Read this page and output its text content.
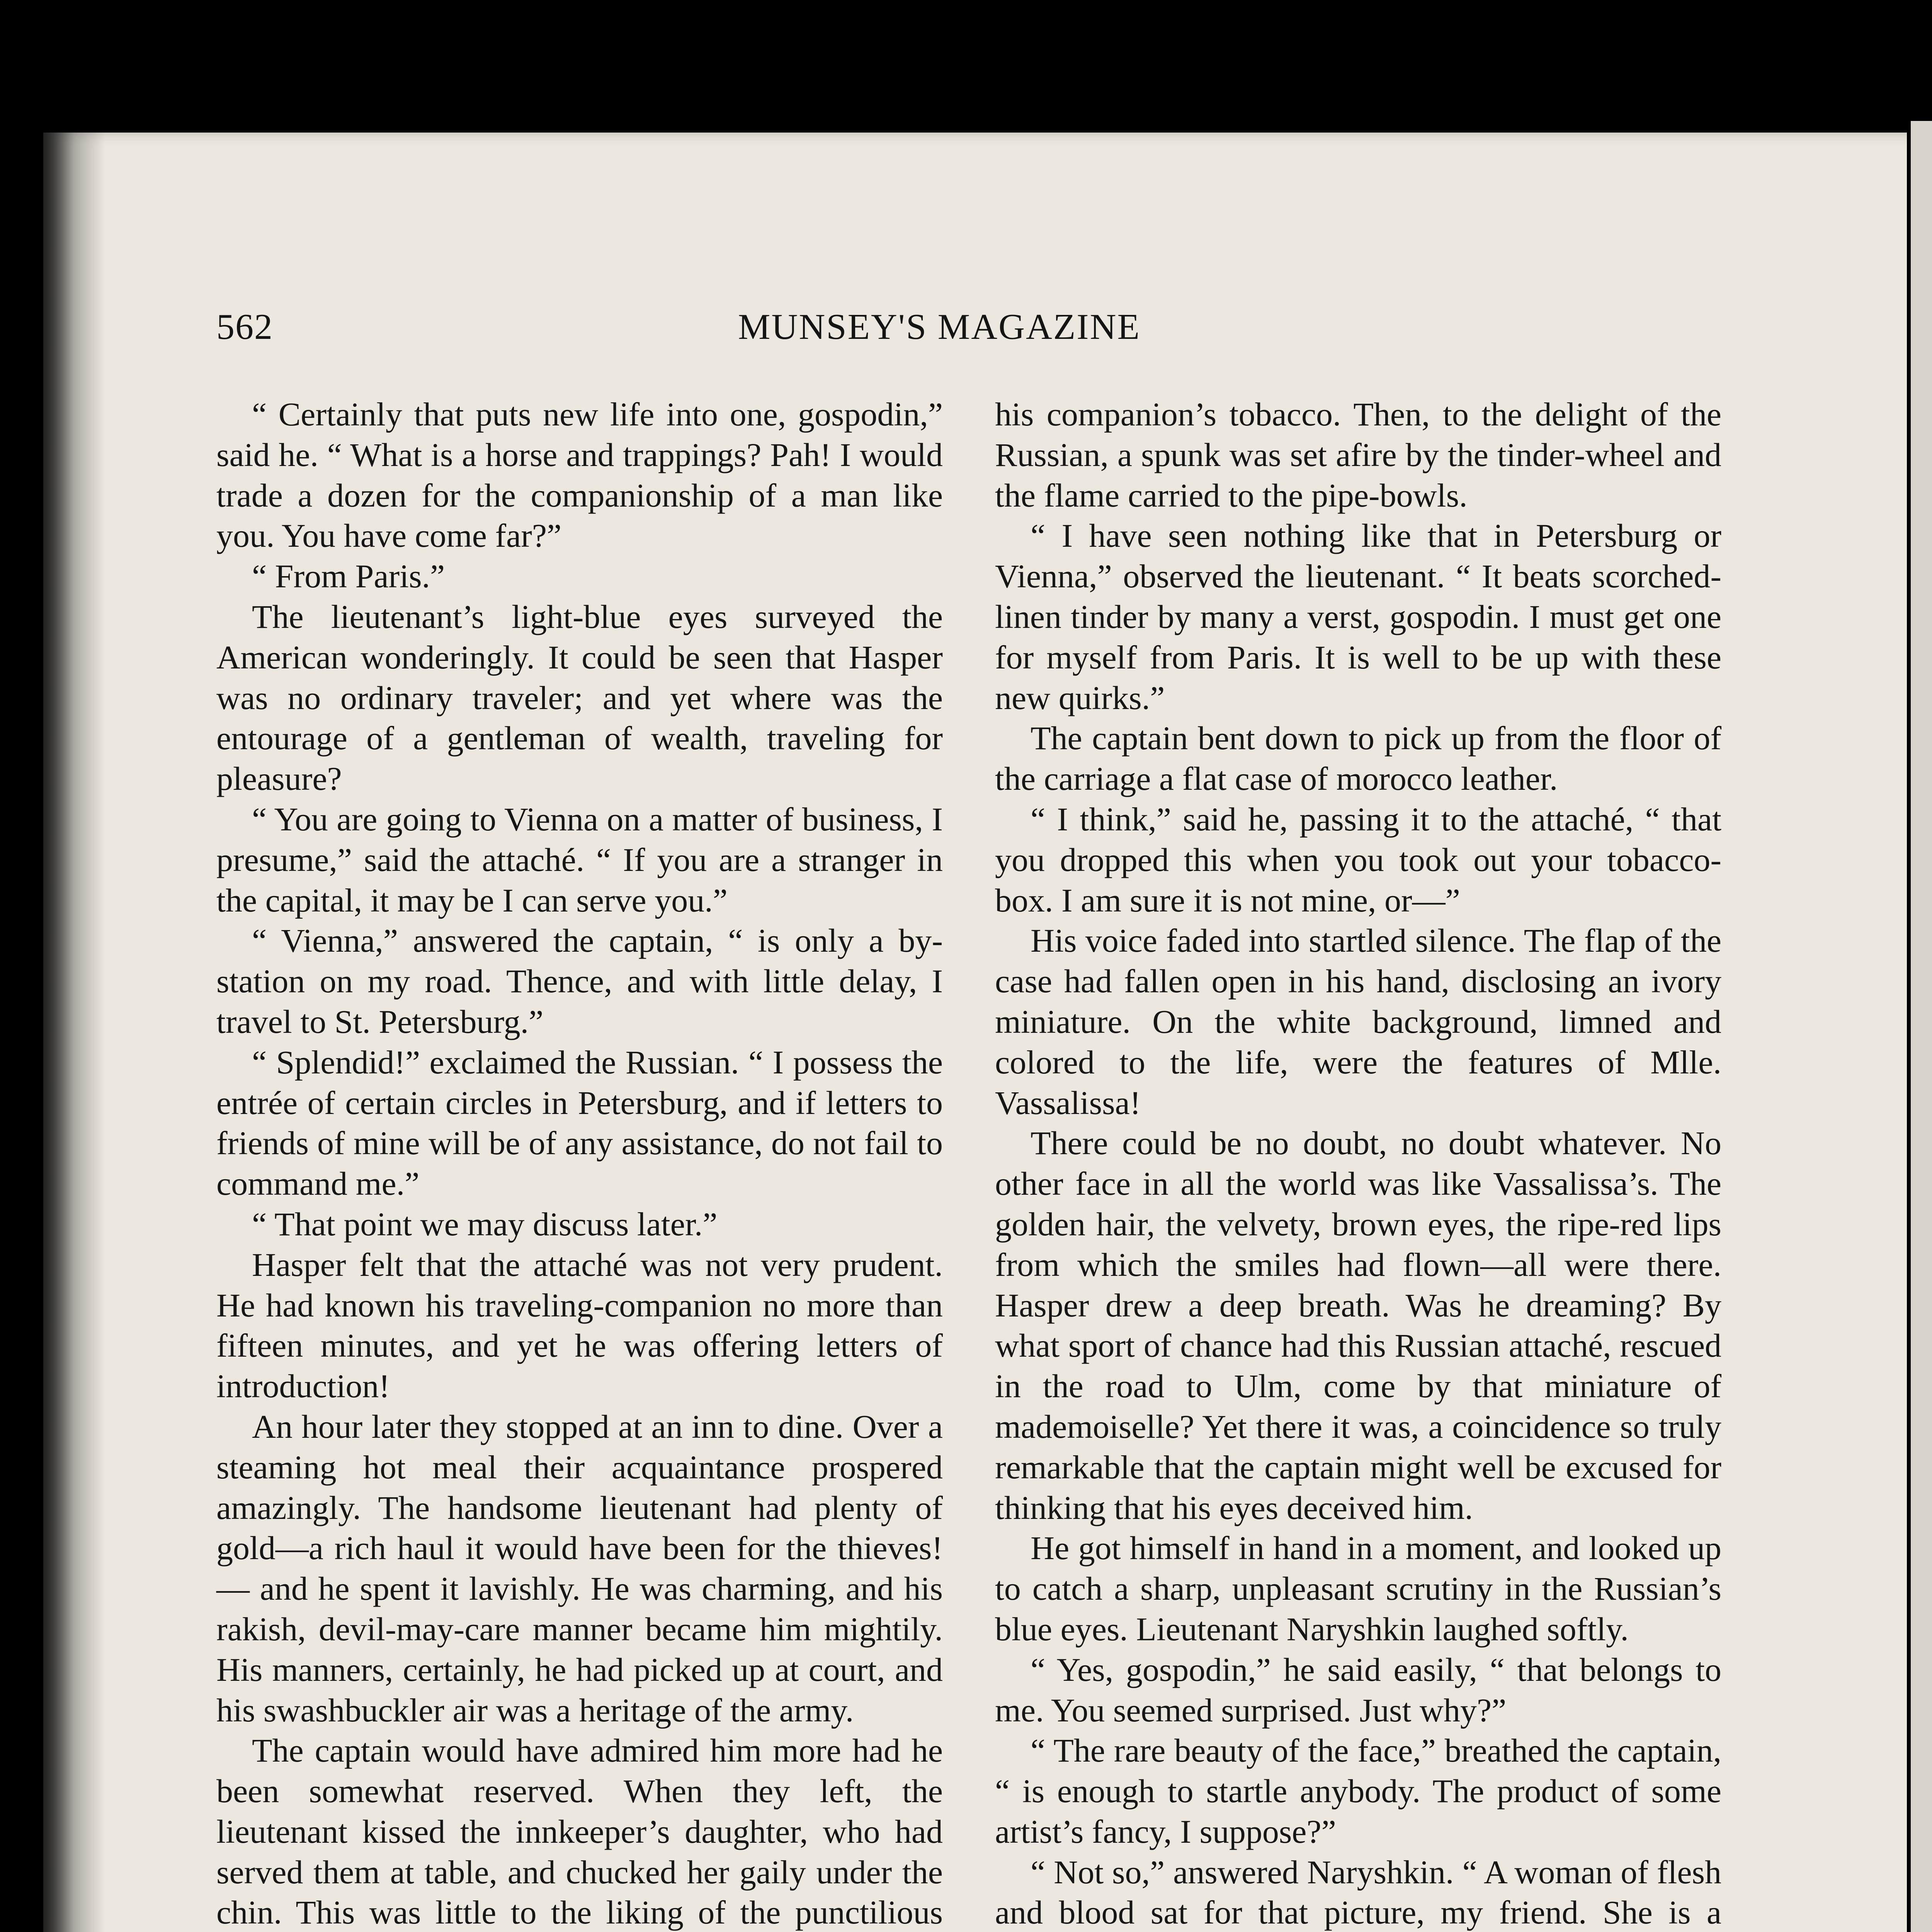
562	MUNSEY'S MAGAZINE

“ Certainly that puts new life into one, gospodin,” said he. “ What is a horse and trappings? Pah! I would trade a dozen for the companionship of a man like you. You have come far?”

“ From Paris.”

The lieutenant’s light-blue eyes surveyed the American wonderingly. It could be seen that Hasper was no ordinary traveler; and yet where was the entourage of a gentleman of wealth, traveling for pleasure?

“ You are going to Vienna on a matter of business, I presume,” said the attaché. “ If you are a stranger in the capital, it may be I can serve you.”

“ Vienna,” answered the captain, “ is only a by-station on my road. Thence, and with little delay, I travel to St. Petersburg.”

“ Splendid!” exclaimed the Russian. “ I possess the entrée of certain circles in Petersburg, and if letters to friends of mine will be of any assistance, do not fail to command me.”

“ That point we may discuss later.”

Hasper felt that the attaché was not very prudent. He had known his traveling-companion no more than fifteen minutes, and yet he was offering letters of introduction!

An hour later they stopped at an inn to dine. Over a steaming hot meal their acquaintance prospered amazingly. The handsome lieutenant had plenty of gold—a rich haul it would have been for the thieves! — and he spent it lavishly. He was charming, and his rakish, devil-may-care manner became him mightily. His manners, certainly, he had picked up at court, and his swashbuckler air was a heritage of the army.

The captain would have admired him more had he been somewhat reserved. When they left, the lieutenant kissed the innkeeper’s daughter, who had served them at table, and chucked her gaily under the chin. This was little to the liking of the punctilious

his companion’s tobacco. Then, to the delight of the Russian, a spunk was set afire by the tinder-wheel and the flame carried to the pipe-bowls.

“ I have seen nothing like that in Petersburg or Vienna,” observed the lieutenant. “ It beats scorched-linen tinder by many a verst, gospodin. I must get one for myself from Paris. It is well to be up with these new quirks.”

The captain bent down to pick up from the floor of the carriage a flat case of morocco leather.

“ I think,” said he, passing it to the attaché, “ that you dropped this when you took out your tobacco-box. I am sure it is not mine, or—”

His voice faded into startled silence. The flap of the case had fallen open in his hand, disclosing an ivory miniature. On the white background, limned and colored to the life, were the features of Mlle. Vassalissa!

There could be no doubt, no doubt whatever. No other face in all the world was like Vassalissa’s. The golden hair, the velvety, brown eyes, the ripe-red lips from which the smiles had flown—all were there. Hasper drew a deep breath. Was he dreaming? By what sport of chance had this Russian attaché, rescued in the road to Ulm, come by that miniature of mademoiselle? Yet there it was, a coincidence so truly remarkable that the captain might well be excused for thinking that his eyes deceived him.

He got himself in hand in a moment, and looked up to catch a sharp, unpleasant scrutiny in the Russian’s blue eyes. Lieutenant Naryshkin laughed softly.

“ Yes, gospodin,” he said easily, “ that belongs to me. You seemed surprised. Just why?”

“ The rare beauty of the face,” breathed the captain, “ is enough to startle anybody. The product of some artist’s fancy, I suppose?”

“ Not so,” answered Naryshkin. “ A woman of flesh and blood sat for that picture, my friend. She is a
